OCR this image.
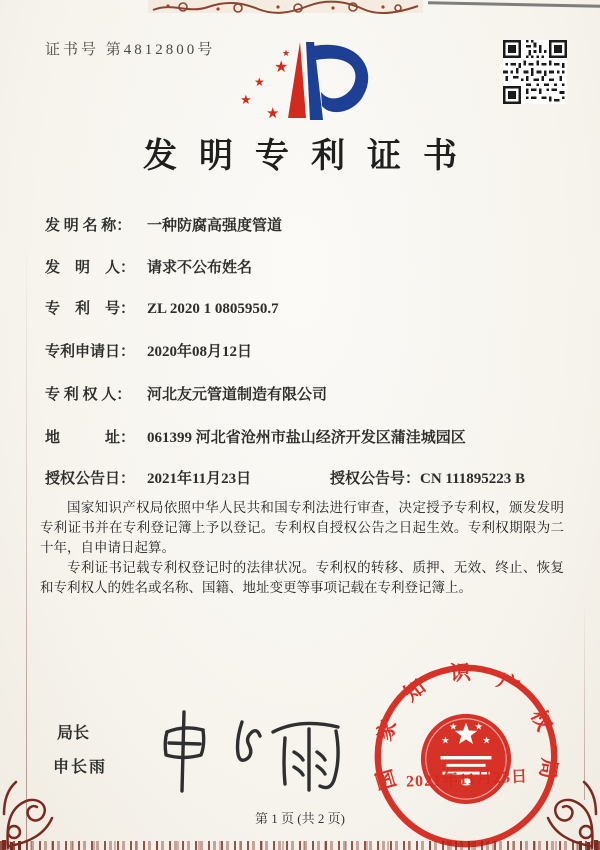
证书号 第4812800号
★
★
★
★
★
发明专利证书
发 明 名 称： 一种防腐高强度管道
发　明　人： 请求不公布姓名
专　利　号： ZL 2020 1 0805950.7
专利申请日： 2020年08月12日
专 利 权 人： 河北友元管道制造有限公司
地　　　址： 061399 河北省沧州市盐山经济开发区蒲洼城园区
授权公告日： 2021年11月23日	授权公告号：CN 111895223 B

国家知识产权局依照中华人民共和国专利法进行审查，决定授予专利权，颁发发明专利证书并在专利登记簿上予以登记。专利权自授权公告之日起生效。专利权期限为二十年，自申请日起算。

专利证书记载专利权登记时的法律状况。专利权的转移、质押、无效、终止、恢复和专利权人的姓名或名称、国籍、地址变更等事项记载在专利登记簿上。

局长
申长雨	国家知识产权局
2021年11月23日
第 1 页 (共 2 页)
